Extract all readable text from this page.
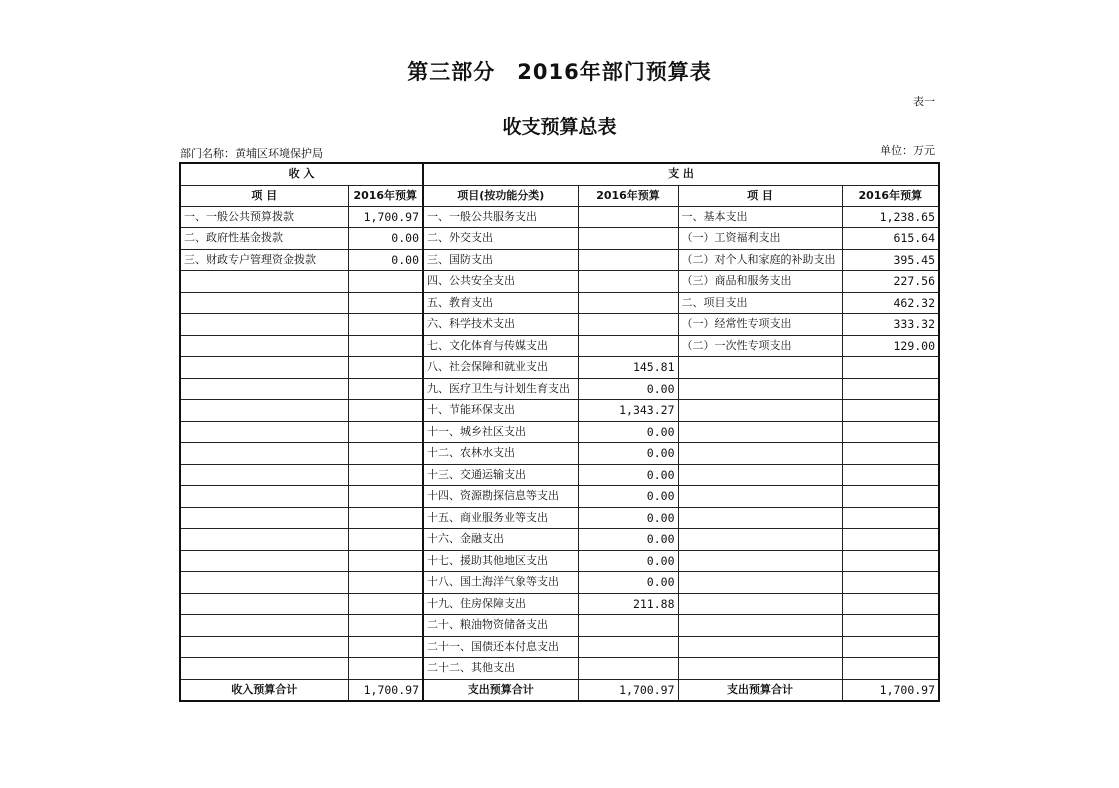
第三部分　2016年部门预算表
表一
收支预算总表
部门名称：黄埔区环境保护局	单位：万元
收 入		支 出			
项 目	2016年预算	项目(按功能分类)	2016年预算	项 目	2016年预算
一、一般公共预算拨款	1,700.97	一、一般公共服务支出		一、基本支出	1,238.65
二、政府性基金拨款	0.00	二、外交支出		（一）工资福利支出	615.64
三、财政专户管理资金拨款	0.00	三、国防支出		（二）对个人和家庭的补助支出	395.45
		四、公共安全支出		（三）商品和服务支出	227.56
		五、教育支出		二、项目支出	462.32
		六、科学技术支出		（一）经常性专项支出	333.32
		七、文化体育与传媒支出		（二）一次性专项支出	129.00
		八、社会保障和就业支出	145.81		
		九、医疗卫生与计划生育支出	0.00		
		十、节能环保支出	1,343.27		
		十一、城乡社区支出	0.00		
		十二、农林水支出	0.00		
		十三、交通运输支出	0.00		
		十四、资源勘探信息等支出	0.00		
		十五、商业服务业等支出	0.00		
		十六、金融支出	0.00		
		十七、援助其他地区支出	0.00		
		十八、国土海洋气象等支出	0.00		
		十九、住房保障支出	211.88		
		二十、粮油物资储备支出			
		二十一、国债还本付息支出			
		二十二、其他支出			
收入预算合计	1,700.97	支出预算合计	1,700.97	支出预算合计	1,700.97
